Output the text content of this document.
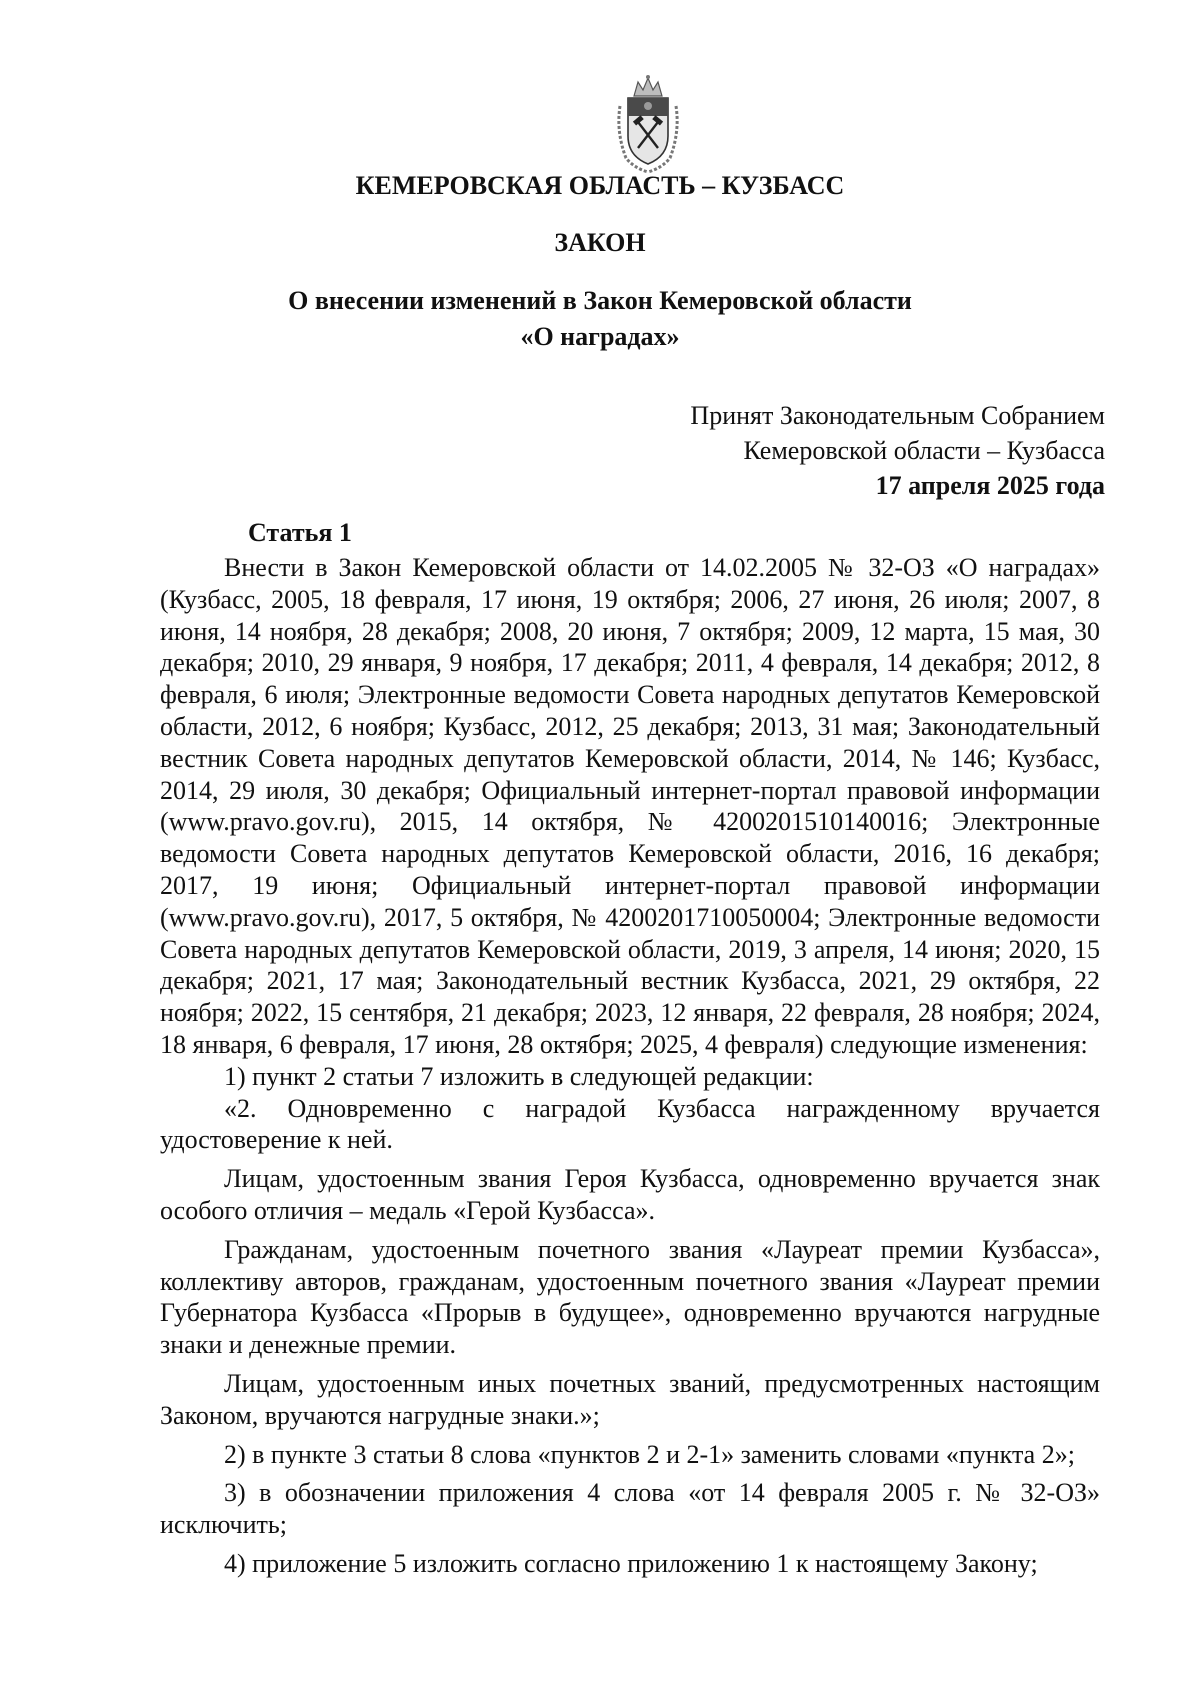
КЕМЕРОВСКАЯ ОБЛАСТЬ – КУЗБАСС
ЗАКОН
О внесении изменений в Закон Кемеровской области
«О наградах»
Принят Законодательным Собранием
Кемеровской области – Кузбасса
17 апреля 2025 года
Статья 1

Внести в Закон Кемеровской области от 14.02.2005 № 32-ОЗ «О наградах» (Кузбасс, 2005, 18 февраля, 17 июня, 19 октября; 2006, 27 июня, 26 июля; 2007, 8 июня, 14 ноября, 28 декабря; 2008, 20 июня, 7 октября; 2009, 12 марта, 15 мая, 30 декабря; 2010, 29 января, 9 ноября, 17 декабря; 2011, 4 февраля, 14 декабря; 2012, 8 февраля, 6 июля; Электронные ведомости Совета народных депутатов Кемеровской области, 2012, 6 ноября; Кузбасс, 2012, 25 декабря; 2013, 31 мая; Законодательный вестник Совета народных депутатов Кемеровской области, 2014, № 146; Кузбасс, 2014, 29 июля, 30 декабря; Официальный интернет-портал правовой информации (www.pravo.gov.ru), 2015, 14 октября, № 4200201510140016; Электронные ведомости Совета народных депутатов Кемеровской области, 2016, 16 декабря; 2017, 19 июня; Официальный интернет-портал правовой информации (www.pravo.gov.ru), 2017, 5 октября, № 4200201710050004; Электронные ведомости Совета народных депутатов Кемеровской области, 2019, 3 апреля, 14 июня; 2020, 15 декабря; 2021, 17 мая; Законодательный вестник Кузбасса, 2021, 29 октября, 22 ноября; 2022, 15 сентября, 21 декабря; 2023, 12 января, 22 февраля, 28 ноября; 2024, 18 января, 6 февраля, 17 июня, 28 октября; 2025, 4 февраля) следующие изменения:

1) пункт 2 статьи 7 изложить в следующей редакции:

«2. Одновременно с наградой Кузбасса награжденному вручается удостоверение к ней.

Лицам, удостоенным звания Героя Кузбасса, одновременно вручается знак особого отличия – медаль «Герой Кузбасса».

Гражданам, удостоенным почетного звания «Лауреат премии Кузбасса», коллективу авторов, гражданам, удостоенным почетного звания «Лауреат премии Губернатора Кузбасса «Прорыв в будущее», одновременно вручаются нагрудные знаки и денежные премии.

Лицам, удостоенным иных почетных званий, предусмотренных настоящим Законом, вручаются нагрудные знаки.»;

2) в пункте 3 статьи 8 слова «пунктов 2 и 2-1» заменить словами «пункта 2»;

3) в обозначении приложения 4 слова «от 14 февраля 2005 г. № 32-ОЗ» исключить;

4) приложение 5 изложить согласно приложению 1 к настоящему Закону;
